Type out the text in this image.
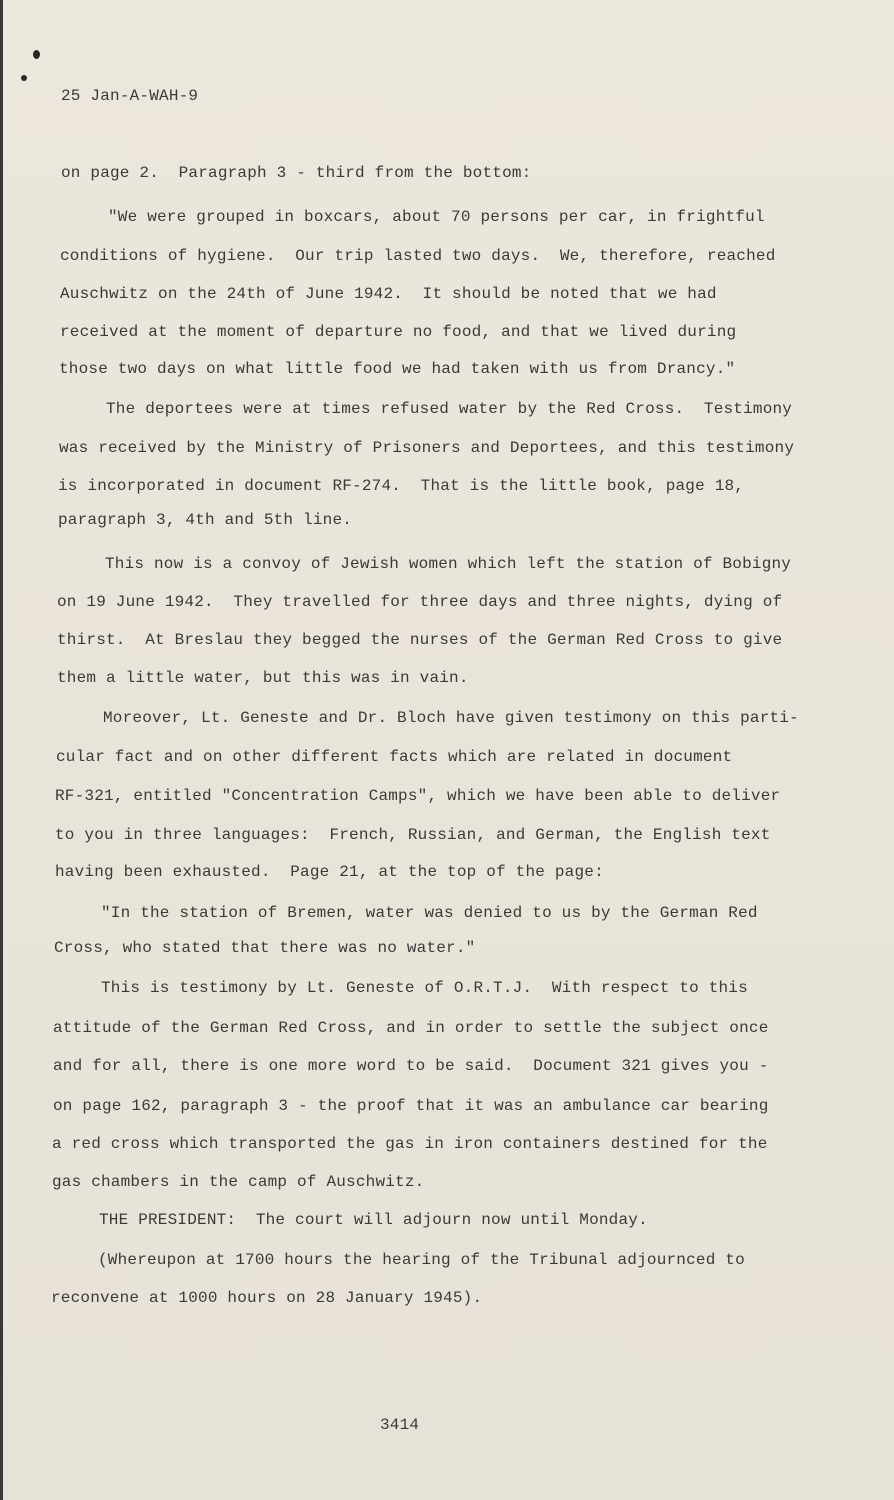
25 Jan-A-WAH-9
on page 2.  Paragraph 3 - third from the bottom:
"We were grouped in boxcars, about 70 persons per car, in frightful
conditions of hygiene.  Our trip lasted two days.  We, therefore, reached
Auschwitz on the 24th of June 1942.  It should be noted that we had
received at the moment of departure no food, and that we lived during
those two days on what little food we had taken with us from Drancy."
The deportees were at times refused water by the Red Cross.  Testimony
was received by the Ministry of Prisoners and Deportees, and this testimony
is incorporated in document RF-274.  That is the little book, page 18,
paragraph 3, 4th and 5th line.
This now is a convoy of Jewish women which left the station of Bobigny
on 19 June 1942.  They travelled for three days and three nights, dying of
thirst.  At Breslau they begged the nurses of the German Red Cross to give
them a little water, but this was in vain.
Moreover, Lt. Geneste and Dr. Bloch have given testimony on this parti-
cular fact and on other different facts which are related in document
RF-321, entitled "Concentration Camps", which we have been able to deliver
to you in three languages:  French, Russian, and German, the English text
having been exhausted.  Page 21, at the top of the page:
"In the station of Bremen, water was denied to us by the German Red
Cross, who stated that there was no water."
This is testimony by Lt. Geneste of O.R.T.J.  With respect to this
attitude of the German Red Cross, and in order to settle the subject once
and for all, there is one more word to be said.  Document 321 gives you -
on page 162, paragraph 3 - the proof that it was an ambulance car bearing
a red cross which transported the gas in iron containers destined for the
gas chambers in the camp of Auschwitz.
THE PRESIDENT:  The court will adjourn now until Monday.
(Whereupon at 1700 hours the hearing of the Tribunal adjournced to
reconvene at 1000 hours on 28 January 1945).
3414
